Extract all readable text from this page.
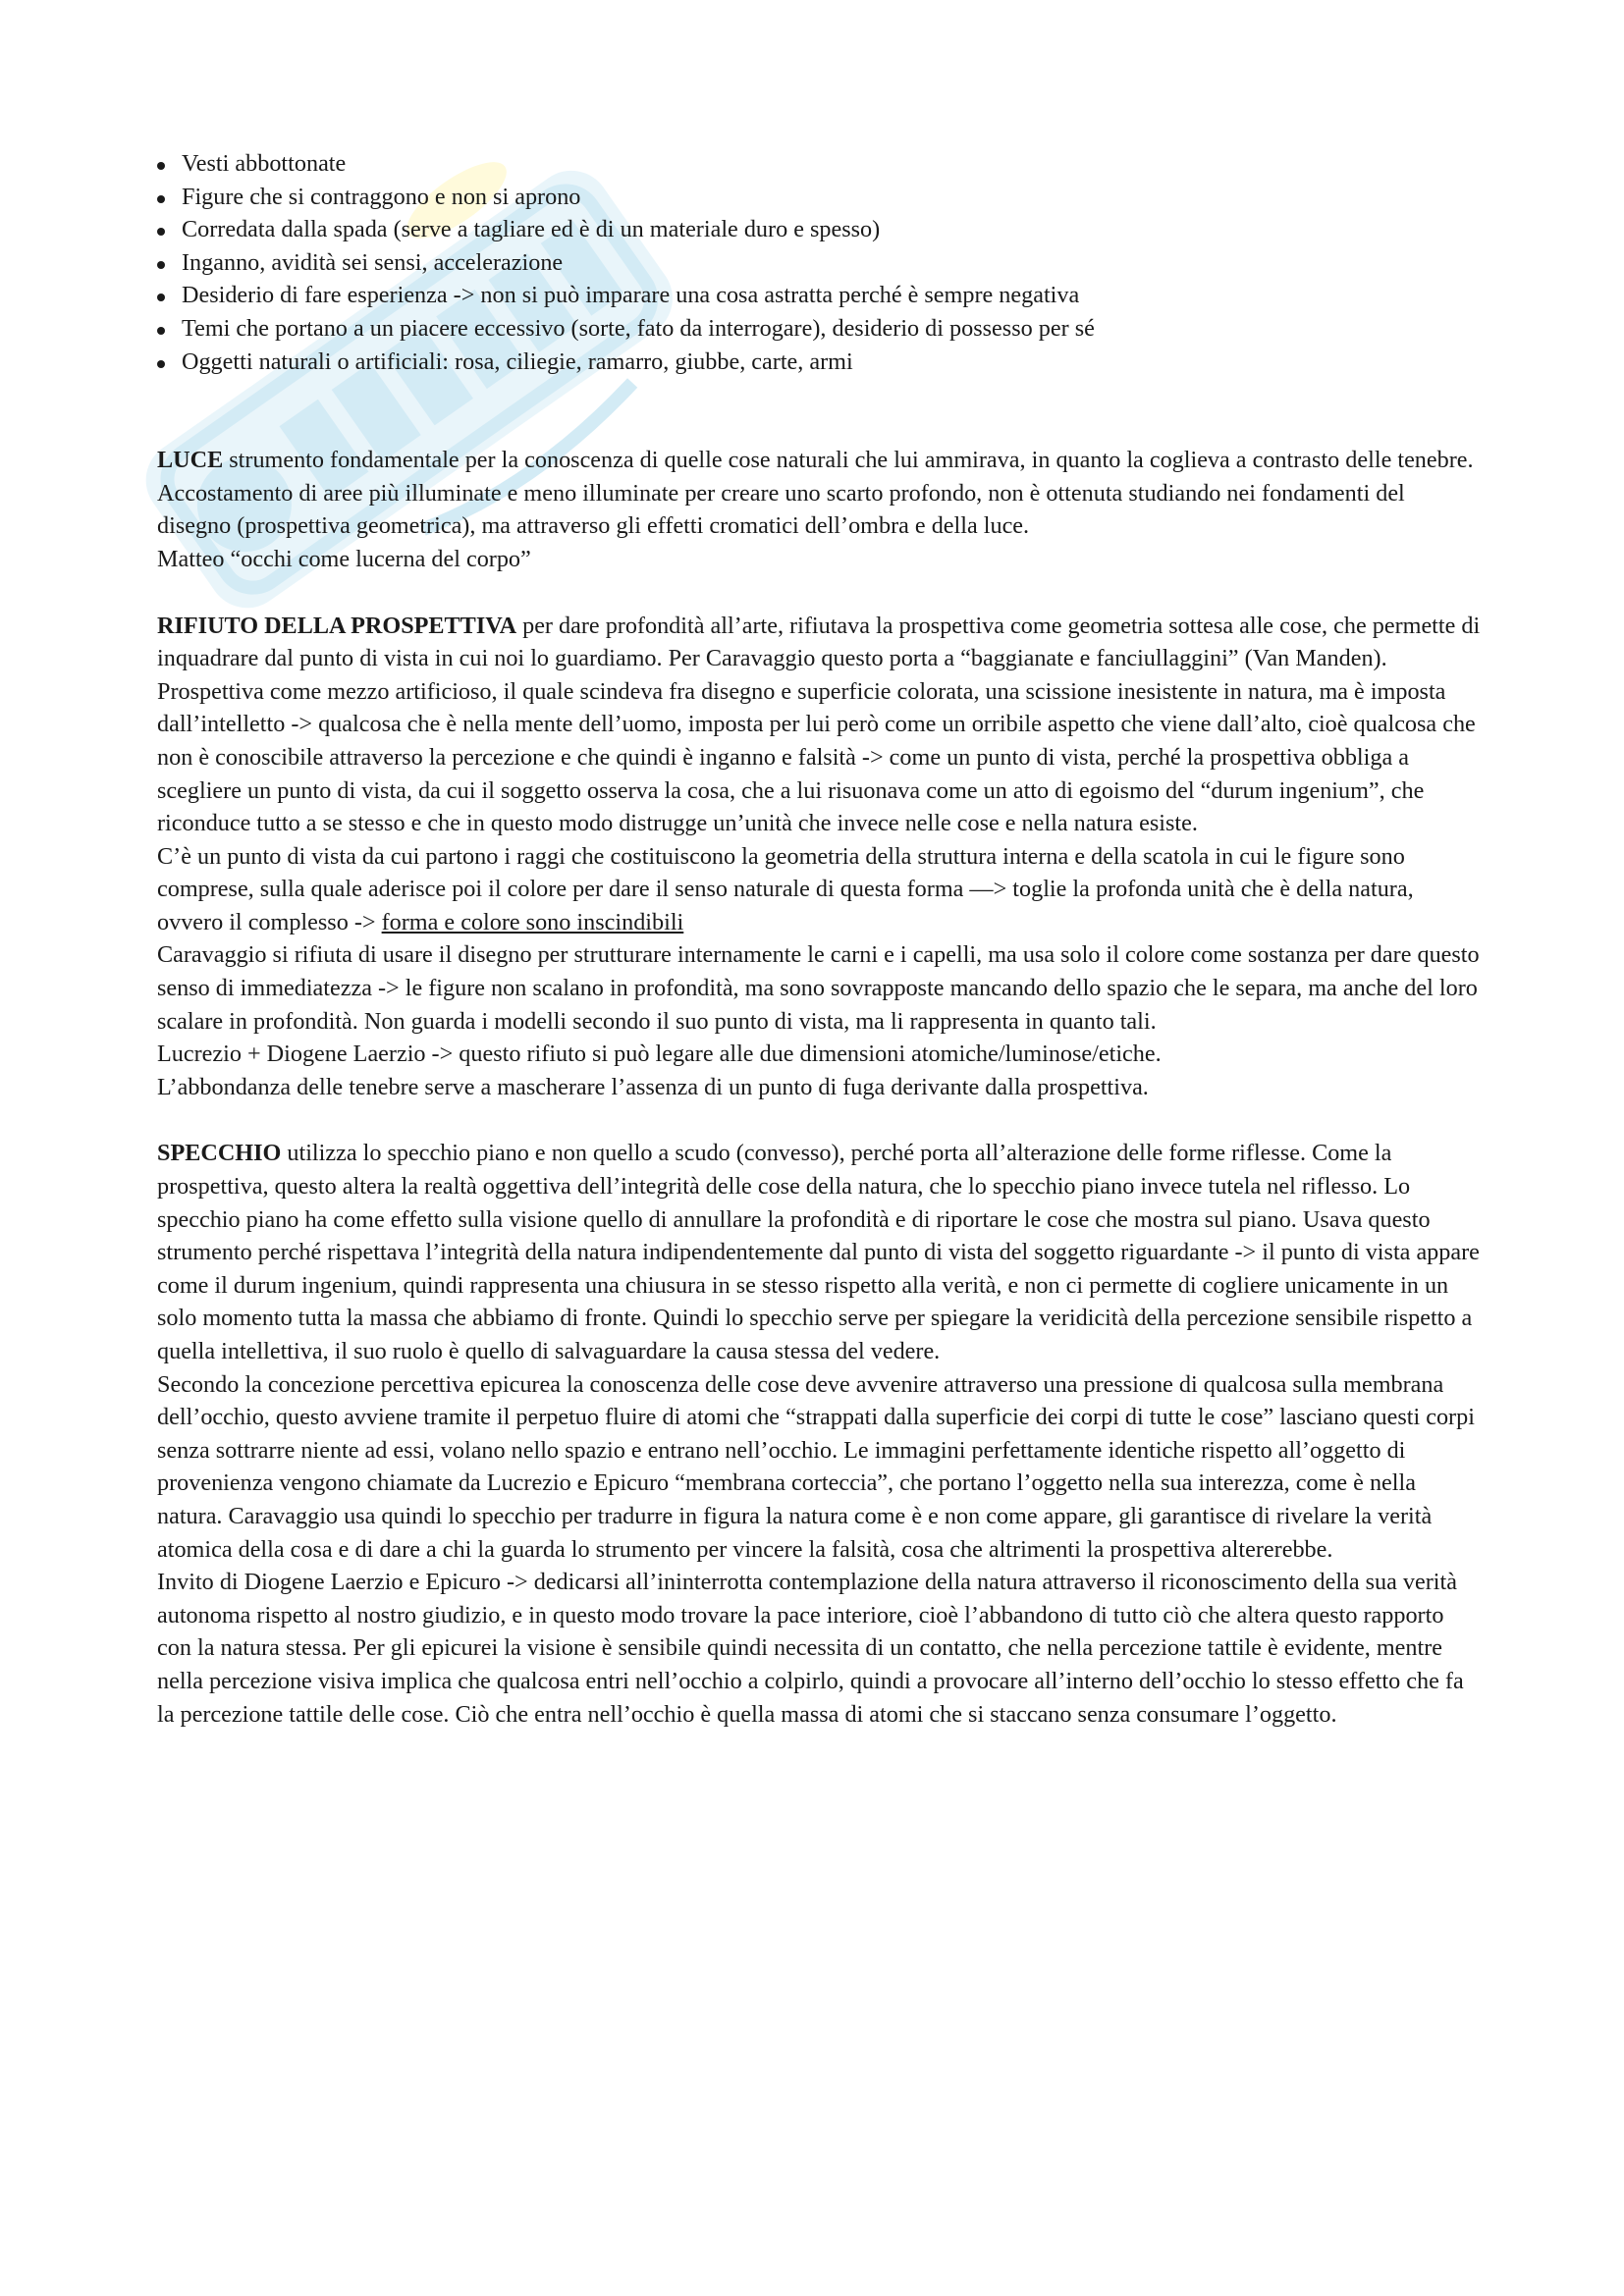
Vesti abbottonate
Figure che si contraggono e non si aprono
Corredata dalla spada (serve a tagliare ed è di un materiale duro e spesso)
Inganno, avidità sei sensi, accelerazione
Desiderio di fare esperienza -> non si può imparare una cosa astratta perché è sempre negativa
Temi che portano a un piacere eccessivo (sorte, fato da interrogare), desiderio di possesso per sé
Oggetti naturali o artificiali: rosa, ciliegie, ramarro, giubbe, carte, armi

LUCE strumento fondamentale per la conoscenza di quelle cose naturali che lui ammirava, in quanto la coglieva a contrasto delle tenebre. Accostamento di aree più illuminate e meno illuminate per creare uno scarto profondo, non è ottenuta studiando nei fondamenti del disegno (prospettiva geometrica), ma attraverso gli effetti cromatici dell’ombra e della luce.

Matteo “occhi come lucerna del corpo”

RIFIUTO DELLA PROSPETTIVA per dare profondità all’arte, rifiutava la prospettiva come geometria sottesa alle cose, che permette di inquadrare dal punto di vista in cui noi lo guardiamo. Per Caravaggio questo porta a “baggianate e fanciullaggini” (Van Manden). Prospettiva come mezzo artificioso, il quale scindeva fra disegno e superficie colorata, una scissione inesistente in natura, ma è imposta dall’intelletto -> qualcosa che è nella mente dell’uomo, imposta per lui però come un orribile aspetto che viene dall’alto, cioè qualcosa che non è conoscibile attraverso la percezione e che quindi è inganno e falsità -> come un punto di vista, perché la prospettiva obbliga a scegliere un punto di vista, da cui il soggetto osserva la cosa, che a lui risuonava come un atto di egoismo del “durum ingenium”, che riconduce tutto a se stesso e che in questo modo distrugge un’unità che invece nelle cose e nella natura esiste.

C’è un punto di vista da cui partono i raggi che costituiscono la geometria della struttura interna e della scatola in cui le figure sono comprese, sulla quale aderisce poi il colore per dare il senso naturale di questa forma —> toglie la profonda unità che è della natura, ovvero il complesso -> forma e colore sono inscindibili

Caravaggio si rifiuta di usare il disegno per strutturare internamente le carni e i capelli, ma usa solo il colore come sostanza per dare questo senso di immediatezza -> le figure non scalano in profondità, ma sono sovrapposte mancando dello spazio che le separa, ma anche del loro scalare in profondità. Non guarda i modelli secondo il suo punto di vista, ma li rappresenta in quanto tali.

Lucrezio + Diogene Laerzio -> questo rifiuto si può legare alle due dimensioni atomiche/luminose/etiche.

L’abbondanza delle tenebre serve a mascherare l’assenza di un punto di fuga derivante dalla prospettiva.

SPECCHIO utilizza lo specchio piano e non quello a scudo (convesso), perché porta all’alterazione delle forme riflesse. Come la prospettiva, questo altera la realtà oggettiva dell’integrità delle cose della natura, che lo specchio piano invece tutela nel riflesso. Lo specchio piano ha come effetto sulla visione quello di annullare la profondità e di riportare le cose che mostra sul piano. Usava questo strumento perché rispettava l’integrità della natura indipendentemente dal punto di vista del soggetto riguardante -> il punto di vista appare come il durum ingenium, quindi rappresenta una chiusura in se stesso rispetto alla verità, e non ci permette di cogliere unicamente in un solo momento tutta la massa che abbiamo di fronte. Quindi lo specchio serve per spiegare la veridicità della percezione sensibile rispetto a quella intellettiva, il suo ruolo è quello di salvaguardare la causa stessa del vedere.

Secondo la concezione percettiva epicurea la conoscenza delle cose deve avvenire attraverso una pressione di qualcosa sulla membrana dell’occhio, questo avviene tramite il perpetuo fluire di atomi che “strappati dalla superficie dei corpi di tutte le cose” lasciano questi corpi senza sottrarre niente ad essi, volano nello spazio e entrano nell’occhio. Le immagini perfettamente identiche rispetto all’oggetto di provenienza vengono chiamate da Lucrezio e Epicuro “membrana corteccia”, che portano l’oggetto nella sua interezza, come è nella natura. Caravaggio usa quindi lo specchio per tradurre in figura la natura come è e non come appare, gli garantisce di rivelare la verità atomica della cosa e di dare a chi la guarda lo strumento per vincere la falsità, cosa che altrimenti la prospettiva altererebbe.

Invito di Diogene Laerzio e Epicuro -> dedicarsi all’ininterrotta contemplazione della natura attraverso il riconoscimento della sua verità autonoma rispetto al nostro giudizio, e in questo modo trovare la pace interiore, cioè l’abbandono di tutto ciò che altera questo rapporto con la natura stessa. Per gli epicurei la visione è sensibile quindi necessita di un contatto, che nella percezione tattile è evidente, mentre nella percezione visiva implica che qualcosa entri nell’occhio a colpirlo, quindi a provocare all’interno dell’occhio lo stesso effetto che fa la percezione tattile delle cose. Ciò che entra nell’occhio è quella massa di atomi che si staccano senza consumare l’oggetto.
